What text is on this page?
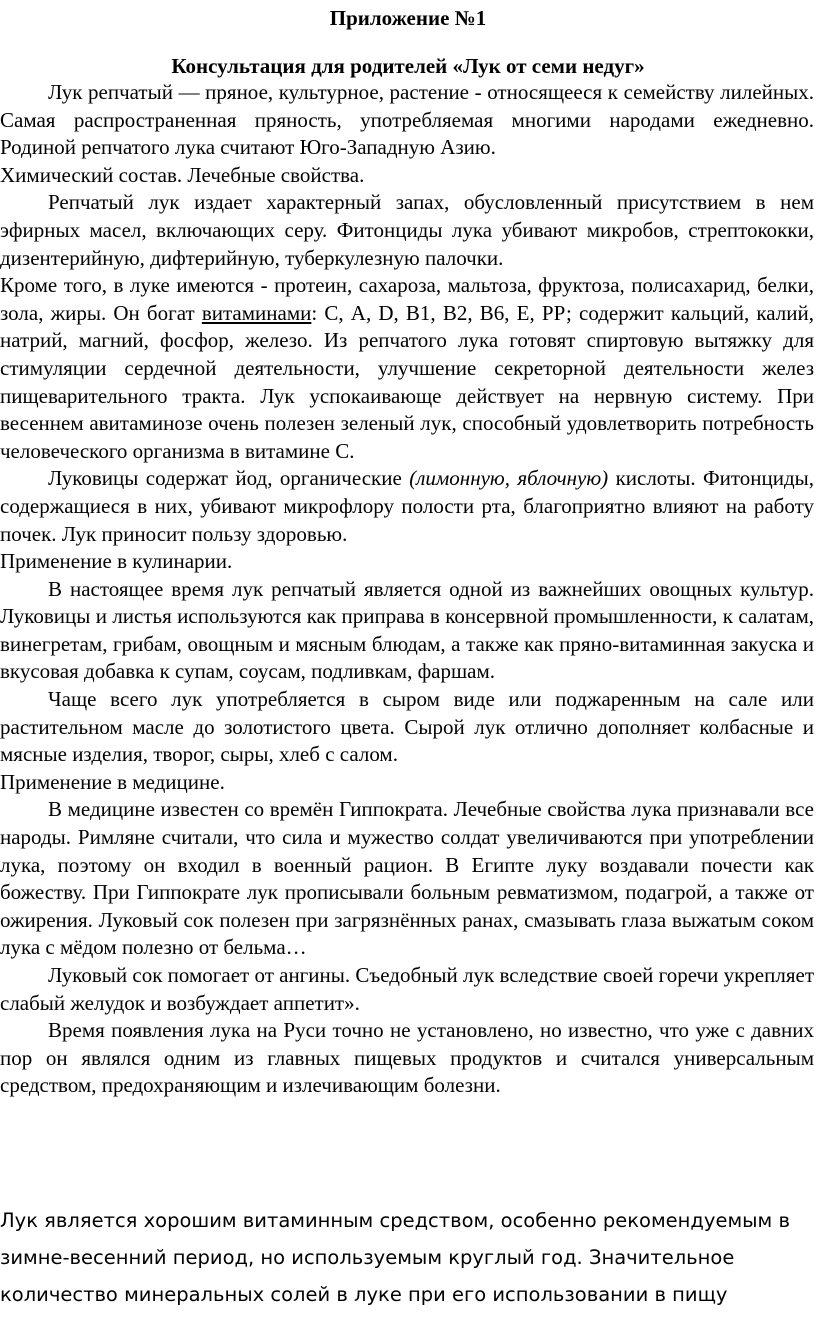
Приложение №1
Консультация для родителей «Лук от семи недуг»

Лук репчатый — пряное, культурное, растение - относящееся к семейству лилейных. Самая распространенная пряность, употребляемая многими народами ежедневно. Родиной репчатого лука считают Юго-Западную Азию.

Химический состав. Лечебные свойства.

Репчатый лук издает характерный запах, обусловленный присутствием в нем эфирных масел, включающих серу. Фитонциды лука убивают микробов, стрептококки, дизентерийную, дифтерийную, туберкулезную палочки.

Кроме того, в луке имеются - протеин, сахароза, мальтоза, фруктоза, полисахарид, белки, зола, жиры. Он богат витаминами: С, А, D, В1, В2, В6, Е, РР; содержит кальций, калий, натрий, магний, фосфор, железо. Из репчатого лука готовят спиртовую вытяжку для стимуляции сердечной деятельности, улучшение секреторной деятельности желез пищеварительного тракта. Лук успокаивающе действует на нервную систему. При весеннем авитаминозе очень полезен зеленый лук, способный удовлетворить потребность человеческого организма в витамине С.

Луковицы содержат йод, органические (лимонную, яблочную) кислоты. Фитонциды, содержащиеся в них, убивают микрофлору полости рта, благоприятно влияют на работу почек. Лук приносит пользу здоровью.

Применение в кулинарии.

В настоящее время лук репчатый является одной из важнейших овощных культур. Луковицы и листья используются как приправа в консервной промышленности, к салатам, винегретам, грибам, овощным и мясным блюдам, а также как пряно-витаминная закуска и вкусовая добавка к супам, соусам, подливкам, фаршам.

Чаще всего лук употребляется в сыром виде или поджаренным на сале или растительном масле до золотистого цвета. Сырой лук отлично дополняет колбасные и мясные изделия, творог, сыры, хлеб с салом.

Применение в медицине.

В медицине известен со времён Гиппократа. Лечебные свойства лука признавали все народы. Римляне считали, что сила и мужество солдат увеличиваются при употреблении лука, поэтому он входил в военный рацион. В Египте луку воздавали почести как божеству. При Гиппократе лук прописывали больным ревматизмом, подагрой, а также от ожирения. Луковый сок полезен при загрязнённых ранах, смазывать глаза выжатым соком лука с мёдом полезно от бельма…

Луковый сок помогает от ангины. Съедобный лук вследствие своей горечи укрепляет слабый желудок и возбуждает аппетит».

Время появления лука на Руси точно не установлено, но известно, что уже с давних пор он являлся одним из главных пищевых продуктов и считался универсальным средством, предохраняющим и излечивающим болезни.

Лук является хорошим витаминным средством, особенно рекомендуемым в

зимне-весенний период, но используемым круглый год. Значительное

количество минеральных солей в луке при его использовании в пищу
